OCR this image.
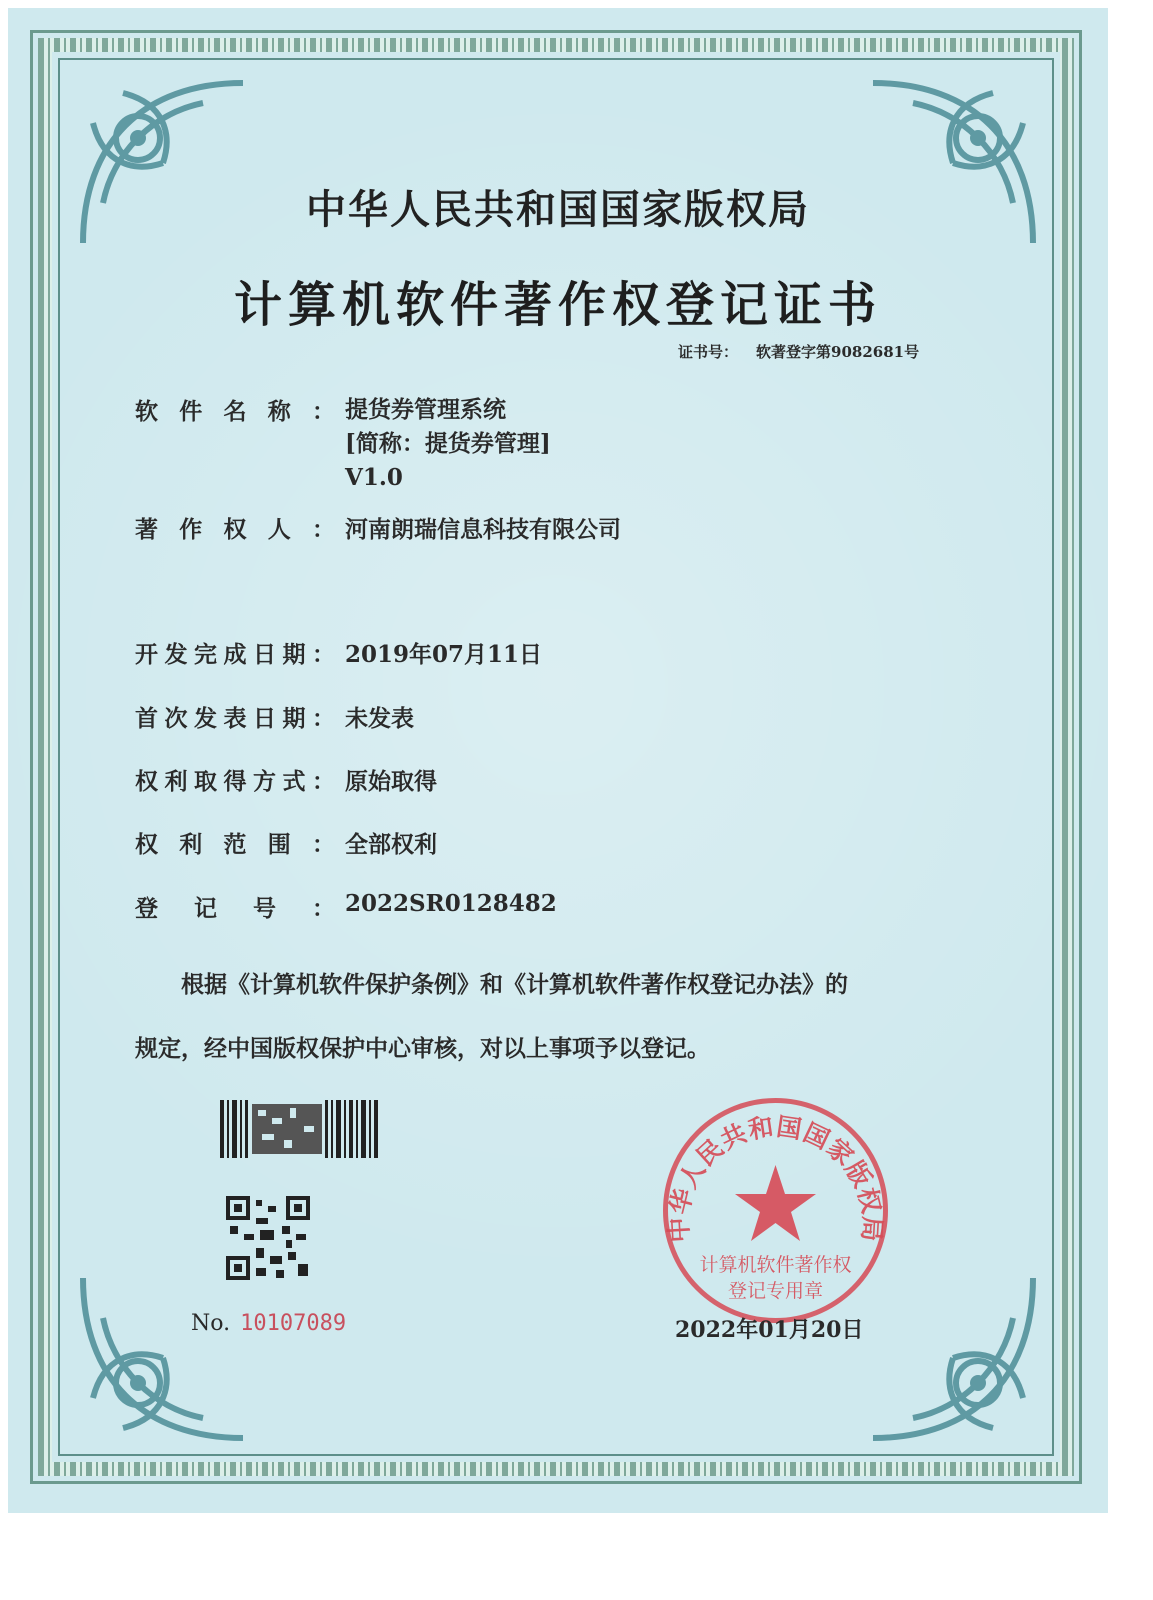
中华人民共和国国家版权局
计算机软件著作权登记证书
证书号： 软著登字第9082681号
软件名称： 提货券管理系统
[简称：提货券管理]
V1.0
著作权人： 河南朗瑞信息科技有限公司
开发完成日期： 2019年07月11日
首次发表日期： 未发表
权利取得方式： 原始取得
权利范围： 全部权利
登记号： 2022SR0128482
根据《计算机软件保护条例》和《计算机软件著作权登记办法》的
规定，经中国版权保护中心审核，对以上事项予以登记。
No. 10107089
中华人民共和国国家版权局
计算机软件著作权
登记专用章
2022年01月20日
